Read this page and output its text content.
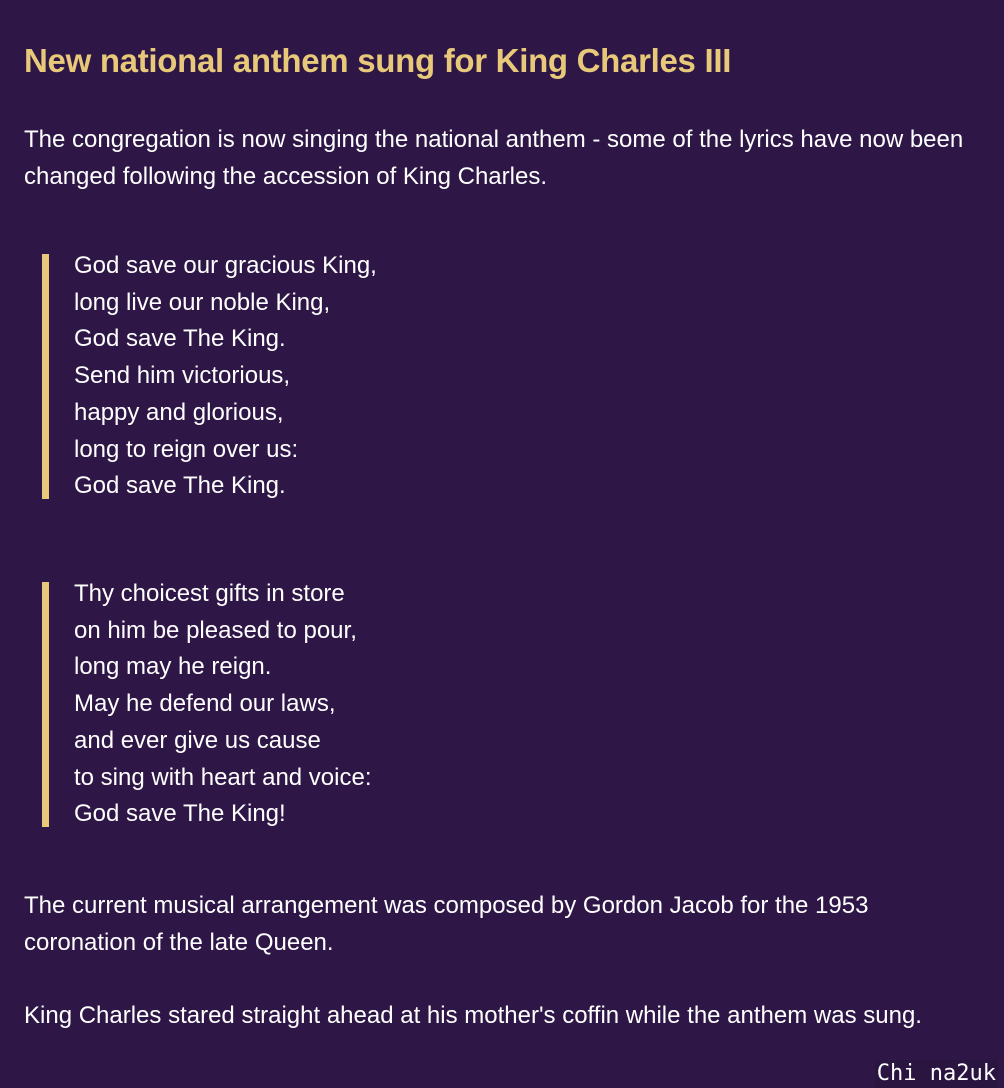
New national anthem sung for King Charles III

The congregation is now singing the national anthem - some of the lyrics have now been changed following the accession of King Charles.

God save our gracious King,
long live our noble King,
God save The King.
Send him victorious,
happy and glorious,
long to reign over us:
God save The King.
Thy choicest gifts in store
on him be pleased to pour,
long may he reign.
May he defend our laws,
and ever give us cause
to sing with heart and voice:
God save The King!

The current musical arrangement was composed by Gordon Jacob for the 1953 coronation of the late Queen.

King Charles stared straight ahead at his mother's coffin while the anthem was sung.

Chi na2uk
